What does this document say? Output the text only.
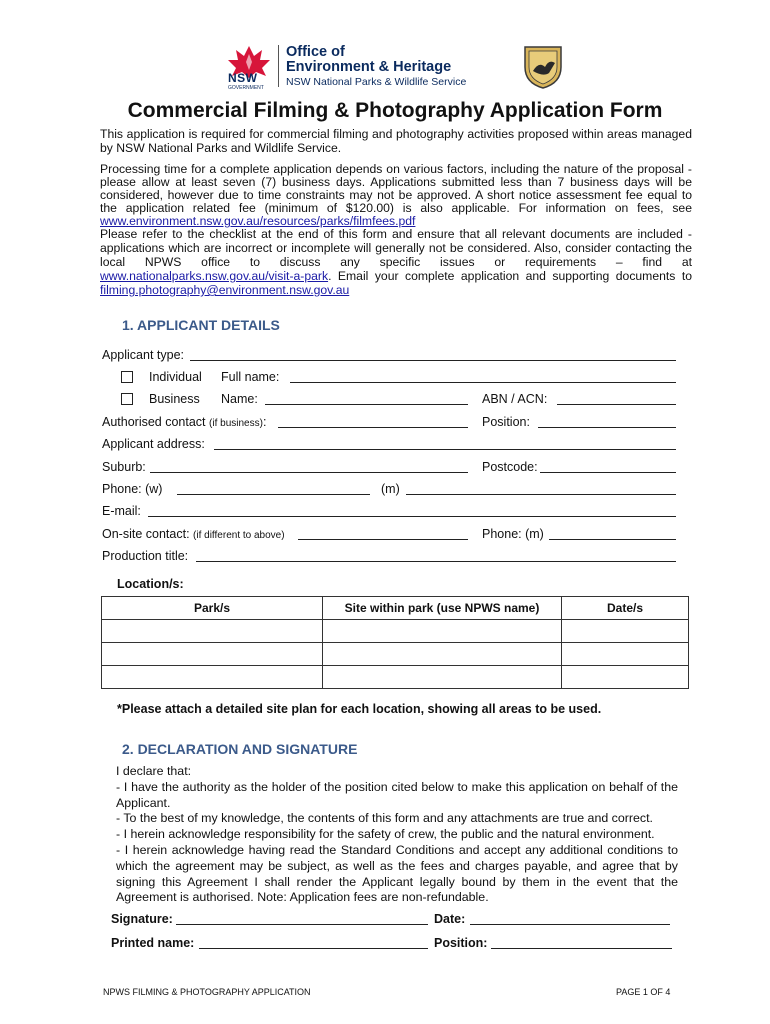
NSW
GOVERNMENT
Office of
Environment & Heritage
NSW National Parks & Wildlife Service
Commercial Filming & Photography Application Form
This application is required for commercial filming and photography activities proposed within areas managed by NSW National Parks and Wildlife Service.
Processing time for a complete application depends on various factors, including the nature of the proposal - please allow at least seven (7) business days. Applications submitted less than 7 business days will be considered, however due to time constraints may not be approved. A short notice assessment fee equal to the application related fee (minimum of $120.00) is also applicable. For information on fees, see www.environment.nsw.gov.au/resources/parks/filmfees.pdf
Please refer to the checklist at the end of this form and ensure that all relevant documents are included - applications which are incorrect or incomplete will generally not be considered. Also, consider contacting the local NPWS office to discuss any specific issues or requirements – find at www.nationalparks.nsw.gov.au/visit-a-park. Email your complete application and supporting documents to filming.photography@environment.nsw.gov.au
1. APPLICANT DETAILS
Applicant type:
Individual Full name:
Business Name:	ABN / ACN:
Authorised contact (if business):	Position:
Applicant address:
Suburb:	Postcode:
Phone: (w)	(m)
E-mail:
On-site contact: (if different to above)	Phone: (m)
Production title:
Location/s:
Park/s	Site within park (use NPWS name)	Date/s

*Please attach a detailed site plan for each location, showing all areas to be used.
2. DECLARATION AND SIGNATURE
I declare that:
- I have the authority as the holder of the position cited below to make this application on behalf of the Applicant.
- To the best of my knowledge, the contents of this form and any attachments are true and correct.
- I herein acknowledge responsibility for the safety of crew, the public and the natural environment.
- I herein acknowledge having read the Standard Conditions and accept any additional conditions to which the agreement may be subject, as well as the fees and charges payable, and agree that by signing this Agreement I shall render the Applicant legally bound by them in the event that the Agreement is authorised. Note: Application fees are non-refundable.
Signature:	Date:
Printed name:	Position:
NPWS FILMING & PHOTOGRAPHY APPLICATION	PAGE 1 OF 4
